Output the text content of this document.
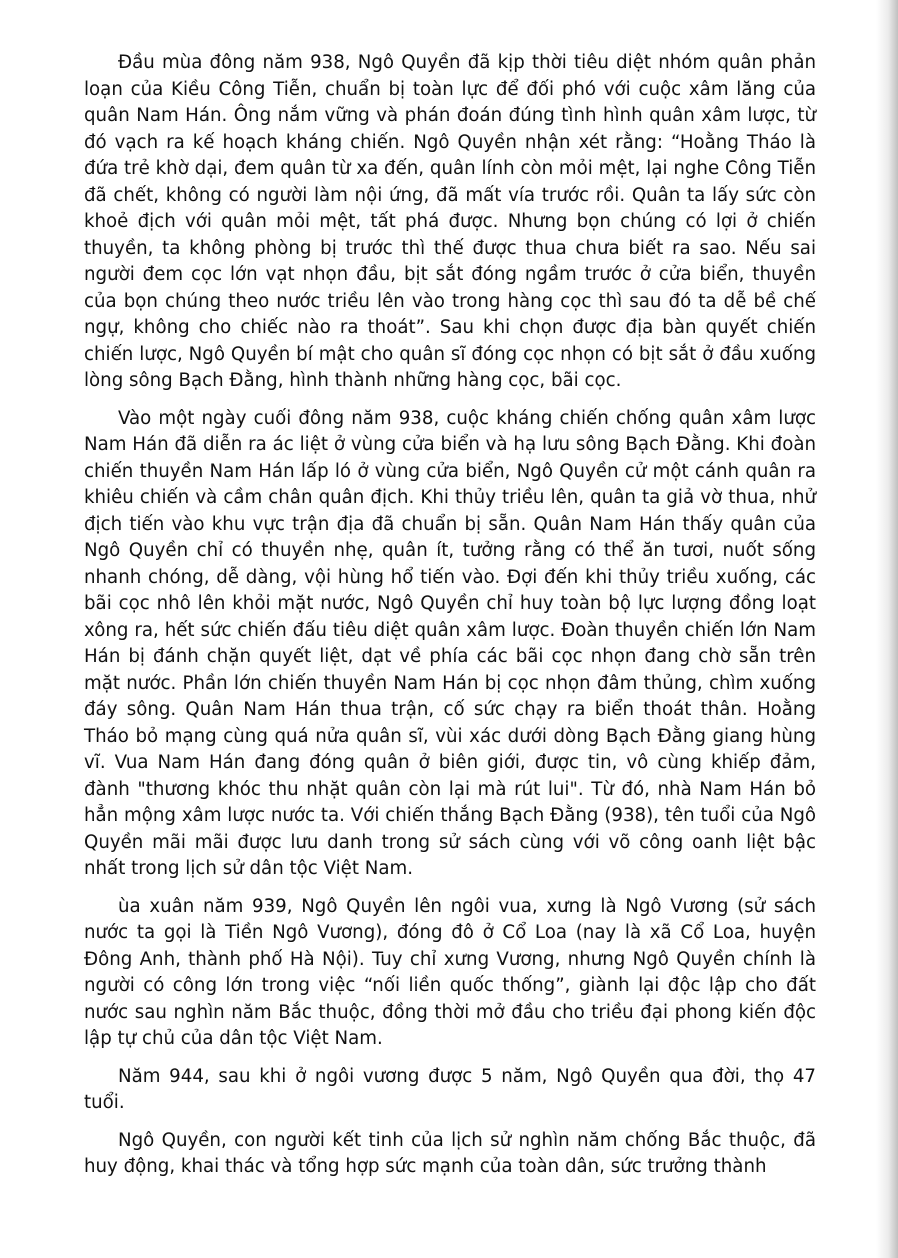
Đầu mùa đông năm 938, Ngô Quyền đã kịp thời tiêu diệt nhóm quân phản loạn của Kiều Công Tiễn, chuẩn bị toàn lực để đối phó với cuộc xâm lăng của quân Nam Hán. Ông nắm vững và phán đoán đúng tình hình quân xâm lược, từ đó vạch ra kế hoạch kháng chiến. Ngô Quyền nhận xét rằng: “Hoằng Tháo là đứa trẻ khờ dại, đem quân từ xa đến, quân lính còn mỏi mệt, lại nghe Công Tiễn đã chết, không có người làm nội ứng, đã mất vía trước rồi. Quân ta lấy sức còn khoẻ địch với quân mỏi mệt, tất phá được. Nhưng bọn chúng có lợi ở chiến thuyền, ta không phòng bị trước thì thế được thua chưa biết ra sao. Nếu sai người đem cọc lớn vạt nhọn đầu, bịt sắt đóng ngầm trước ở cửa biển, thuyền của bọn chúng theo nước triều lên vào trong hàng cọc thì sau đó ta dễ bề chế ngự, không cho chiếc nào ra thoát”. Sau khi chọn được địa bàn quyết chiến chiến lược, Ngô Quyền bí mật cho quân sĩ đóng cọc nhọn có bịt sắt ở đầu xuống lòng sông Bạch Đằng, hình thành những hàng cọc, bãi cọc.

Vào một ngày cuối đông năm 938, cuộc kháng chiến chống quân xâm lược Nam Hán đã diễn ra ác liệt ở vùng cửa biển và hạ lưu sông Bạch Đằng. Khi đoàn chiến thuyền Nam Hán lấp ló ở vùng cửa biển, Ngô Quyền cử một cánh quân ra khiêu chiến và cầm chân quân địch. Khi thủy triều lên, quân ta giả vờ thua, nhử địch tiến vào khu vực trận địa đã chuẩn bị sẵn. Quân Nam Hán thấy quân của Ngô Quyền chỉ có thuyền nhẹ, quân ít, tưởng rằng có thể ăn tươi, nuốt sống nhanh chóng, dễ dàng, vội hùng hổ tiến vào. Đợi đến khi thủy triều xuống, các bãi cọc nhô lên khỏi mặt nước, Ngô Quyền chỉ huy toàn bộ lực lượng đồng loạt xông ra, hết sức chiến đấu tiêu diệt quân xâm lược. Đoàn thuyền chiến lớn Nam Hán bị đánh chặn quyết liệt, dạt về phía các bãi cọc nhọn đang chờ sẵn trên mặt nước. Phần lớn chiến thuyền Nam Hán bị cọc nhọn đâm thủng, chìm xuống đáy sông. Quân Nam Hán thua trận, cố sức chạy ra biển thoát thân. Hoằng Tháo bỏ mạng cùng quá nửa quân sĩ, vùi xác dưới dòng Bạch Đằng giang hùng vĩ. Vua Nam Hán đang đóng quân ở biên giới, được tin, vô cùng khiếp đảm, đành "thương khóc thu nhặt quân còn lại mà rút lui". Từ đó, nhà Nam Hán bỏ hẳn mộng xâm lược nước ta. Với chiến thắng Bạch Đằng (938), tên tuổi của Ngô Quyền mãi mãi được lưu danh trong sử sách cùng với võ công oanh liệt bậc nhất trong lịch sử dân tộc Việt Nam.

ùa xuân năm 939, Ngô Quyền lên ngôi vua, xưng là Ngô Vương (sử sách nước ta gọi là Tiền Ngô Vương), đóng đô ở Cổ Loa (nay là xã Cổ Loa, huyện Đông Anh, thành phố Hà Nội). Tuy chỉ xưng Vương, nhưng Ngô Quyền chính là người có công lớn trong việc “nối liền quốc thống”, giành lại độc lập cho đất nước sau nghìn năm Bắc thuộc, đồng thời mở đầu cho triều đại phong kiến độc lập tự chủ của dân tộc Việt Nam.

Năm 944, sau khi ở ngôi vương được 5 năm, Ngô Quyền qua đời, thọ 47 tuổi.

Ngô Quyền, con người kết tinh của lịch sử nghìn năm chống Bắc thuộc, đã huy động, khai thác và tổng hợp sức mạnh của toàn dân, sức trưởng thành
